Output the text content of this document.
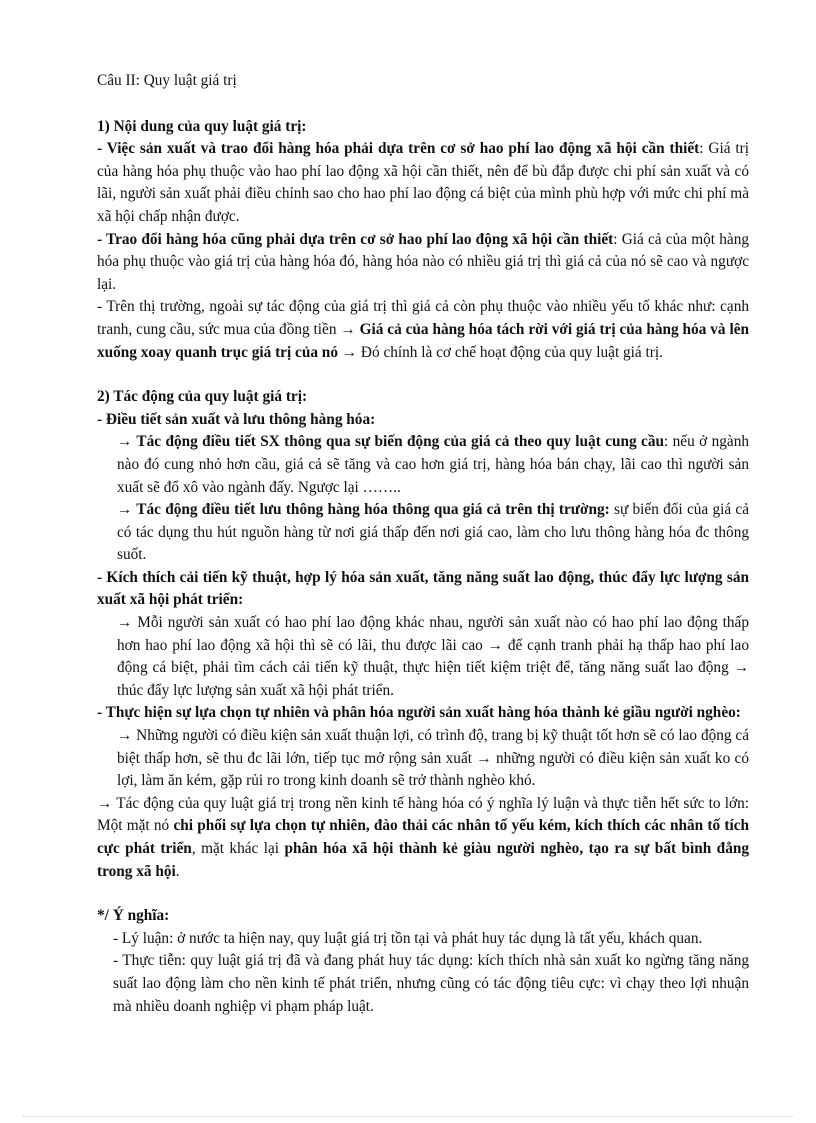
Câu II: Quy luật giá trị

1) Nội dung của quy luật giá trị:

- Việc sản xuất và trao đổi hàng hóa phải dựa trên cơ sở hao phí lao động xã hội cần thiết: Giá trị của hàng hóa phụ thuộc vào hao phí lao động xã hội cần thiết, nên để bù đắp được chi phí sản xuất và có lãi, người sản xuất phải điều chỉnh sao cho hao phí lao động cá biệt của mình phù hợp với mức chi phí mà xã hội chấp nhận được.

- Trao đổi hàng hóa cũng phải dựa trên cơ sở hao phí lao động xã hội cần thiết: Giá cả của một hàng hóa phụ thuộc vào giá trị của hàng hóa đó, hàng hóa nào có nhiều giá trị thì giá cả của nó sẽ cao và ngược lại.

- Trên thị trường, ngoài sự tác động của giá trị thì giá cả còn phụ thuộc vào nhiều yếu tố khác như: cạnh tranh, cung cầu, sức mua của đồng tiền → Giá cả của hàng hóa tách rời với giá trị của hàng hóa và lên xuống xoay quanh trục giá trị của nó → Đó chính là cơ chế hoạt động của quy luật giá trị.

2) Tác động của quy luật giá trị:

- Điều tiết sản xuất và lưu thông hàng hóa:

→ Tác động điều tiết SX thông qua sự biến động của giá cả theo quy luật cung cầu: nếu ở ngành nào đó cung nhỏ hơn cầu, giá cả sẽ tăng và cao hơn giá trị, hàng hóa bán chạy, lãi cao thì người sản xuất sẽ đổ xô vào ngành đấy. Ngược lại ……..

→ Tác động điều tiết lưu thông hàng hóa thông qua giá cả trên thị trường: sự biến đổi của giá cả có tác dụng thu hút nguồn hàng từ nơi giá thấp đến nơi giá cao, làm cho lưu thông hàng hóa đc thông suốt.

- Kích thích cải tiến kỹ thuật, hợp lý hóa sản xuất, tăng năng suất lao động, thúc đẩy lực lượng sản xuất xã hội phát triển:

→ Mỗi người sản xuất có hao phí lao động khác nhau, người sản xuất nào có hao phí lao động thấp hơn hao phí lao động xã hội thì sẽ có lãi, thu được lãi cao → để cạnh tranh phải hạ thấp hao phí lao động cá biệt, phải tìm cách cải tiến kỹ thuật, thực hiện tiết kiệm triệt để, tăng năng suất lao động → thúc đẩy lực lượng sản xuất xã hội phát triển.

- Thực hiện sự lựa chọn tự nhiên và phân hóa người sản xuất hàng hóa thành kẻ giầu người nghèo:

→ Những người có điều kiện sản xuất thuận lợi, có trình độ, trang bị kỹ thuật tốt hơn sẽ có lao động cá biệt thấp hơn, sẽ thu đc lãi lớn, tiếp tục mở rộng sản xuất → những người có điều kiện sản xuất ko có lợi, làm ăn kém, gặp rủi ro trong kinh doanh sẽ trở thành nghèo khó.

→ Tác động của quy luật giá trị trong nền kinh tế hàng hóa có ý nghĩa lý luận và thực tiễn hết sức to lớn: Một mặt nó chi phối sự lựa chọn tự nhiên, đào thải các nhân tố yếu kém, kích thích các nhân tố tích cực phát triển, mặt khác lại phân hóa xã hội thành kẻ giàu người nghèo, tạo ra sự bất bình đẳng trong xã hội.

*/ Ý nghĩa:

- Lý luận: ở nước ta hiện nay, quy luật giá trị tồn tại và phát huy tác dụng là tất yếu, khách quan.

- Thực tiễn: quy luật giá trị đã và đang phát huy tác dụng: kích thích nhà sản xuất ko ngừng tăng năng suất lao động làm cho nền kinh tế phát triển, nhưng cũng có tác động tiêu cực: vì chạy theo lợi nhuận mà nhiều doanh nghiệp vi phạm pháp luật.
